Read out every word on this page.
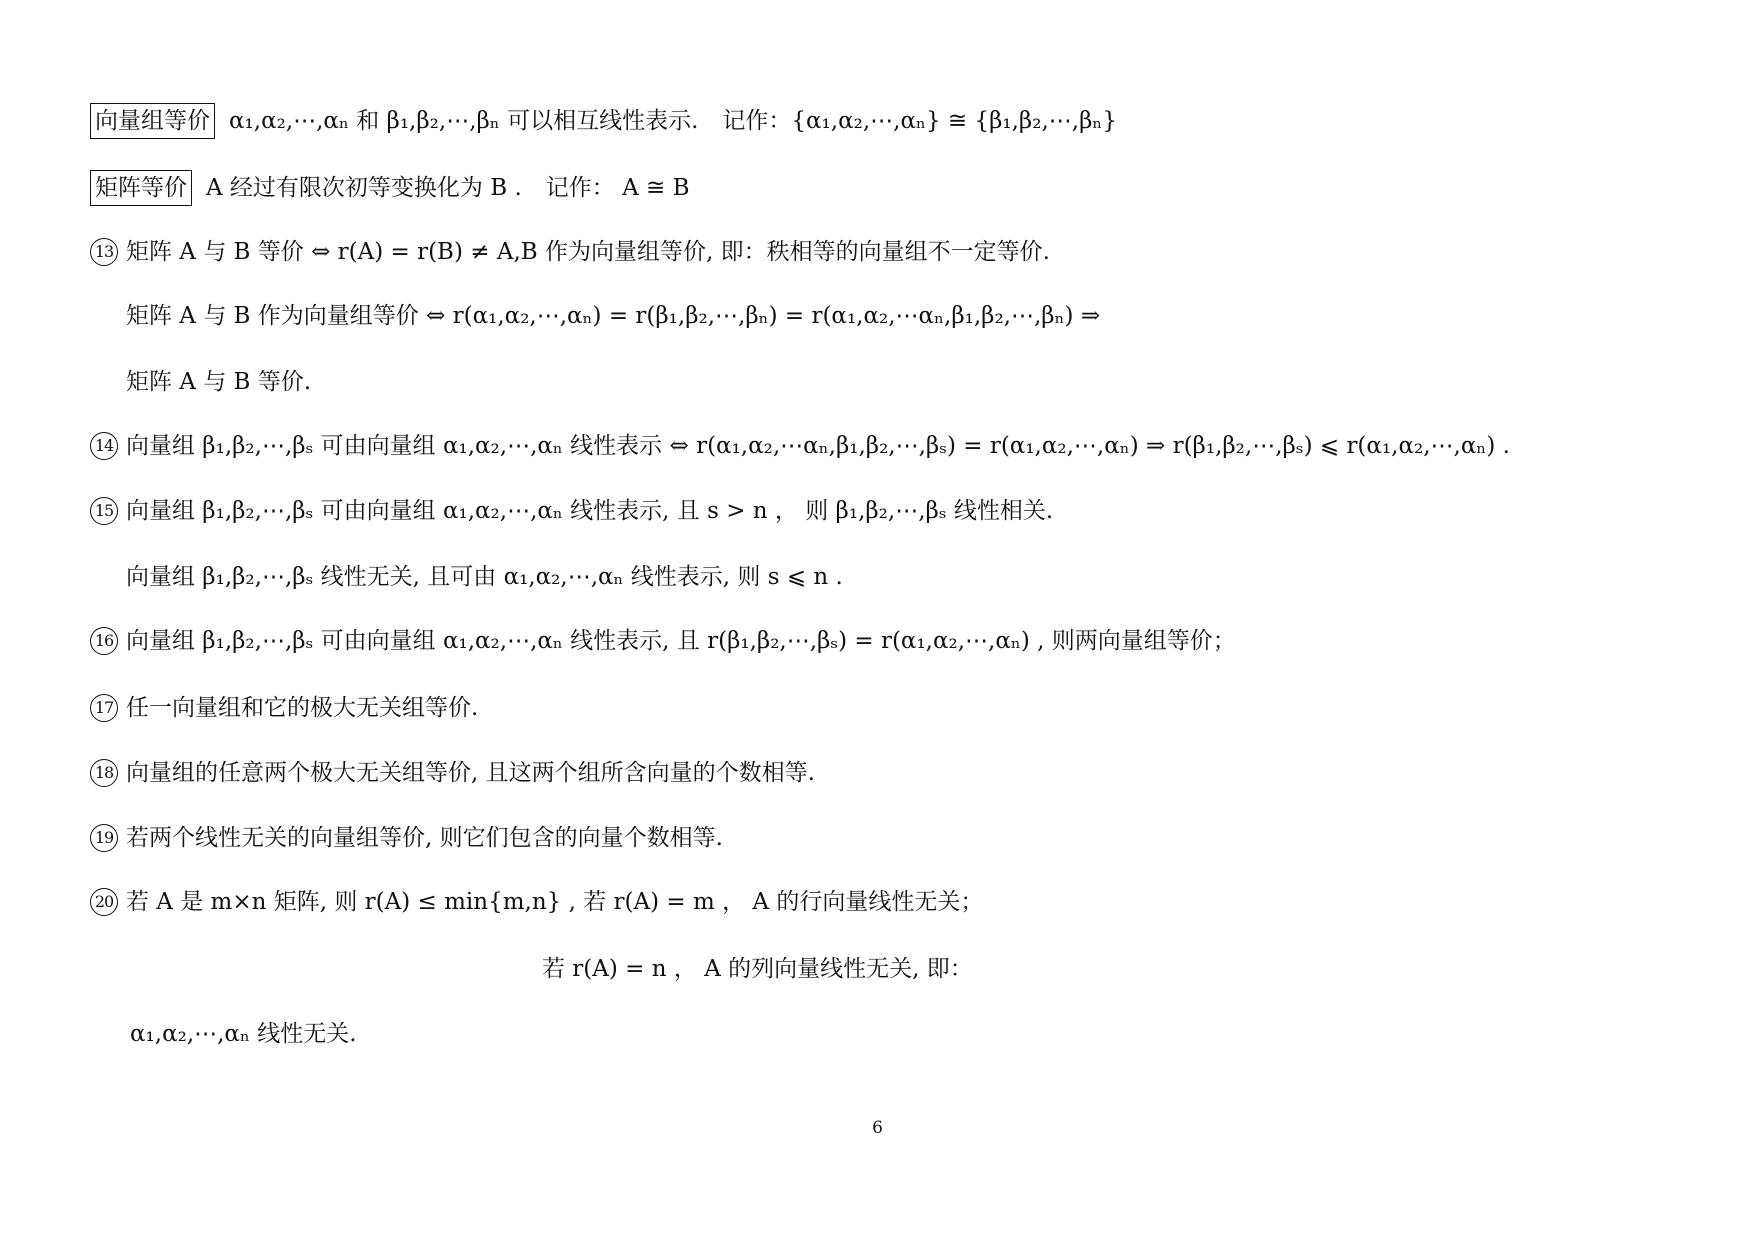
向量组等价 α₁,α₂,⋯,αₙ 和 β₁,β₂,⋯,βₙ 可以相互线性表示. 记作：{α₁,α₂,⋯,αₙ} ≅ {β₁,β₂,⋯,βₙ}
矩阵等价 A 经过有限次初等变换化为 B . 记作： A ≅ B
13 矩阵 A 与 B 等价 ⇔ r(A) = r(B) ≠ A,B 作为向量组等价, 即：秩相等的向量组不一定等价.
矩阵 A 与 B 作为向量组等价 ⇔ r(α₁,α₂,⋯,αₙ) = r(β₁,β₂,⋯,βₙ) = r(α₁,α₂,⋯αₙ,β₁,β₂,⋯,βₙ) ⇒
矩阵 A 与 B 等价.
14 向量组 β₁,β₂,⋯,βₛ 可由向量组 α₁,α₂,⋯,αₙ 线性表示 ⇔ r(α₁,α₂,⋯αₙ,β₁,β₂,⋯,βₛ) = r(α₁,α₂,⋯,αₙ) ⇒ r(β₁,β₂,⋯,βₛ) ⩽ r(α₁,α₂,⋯,αₙ) .
15 向量组 β₁,β₂,⋯,βₛ 可由向量组 α₁,α₂,⋯,αₙ 线性表示, 且 s > n ， 则 β₁,β₂,⋯,βₛ 线性相关.
向量组 β₁,β₂,⋯,βₛ 线性无关, 且可由 α₁,α₂,⋯,αₙ 线性表示, 则 s ⩽ n .
16 向量组 β₁,β₂,⋯,βₛ 可由向量组 α₁,α₂,⋯,αₙ 线性表示, 且 r(β₁,β₂,⋯,βₛ) = r(α₁,α₂,⋯,αₙ) , 则两向量组等价；
17 任一向量组和它的极大无关组等价.
18 向量组的任意两个极大无关组等价, 且这两个组所含向量的个数相等.
19 若两个线性无关的向量组等价, 则它们包含的向量个数相等.
20 若 A 是 m×n 矩阵, 则 r(A) ≤ min{m,n} , 若 r(A) = m ， A 的行向量线性无关；
若 r(A) = n ， A 的列向量线性无关, 即：
α₁,α₂,⋯,αₙ 线性无关.
6
